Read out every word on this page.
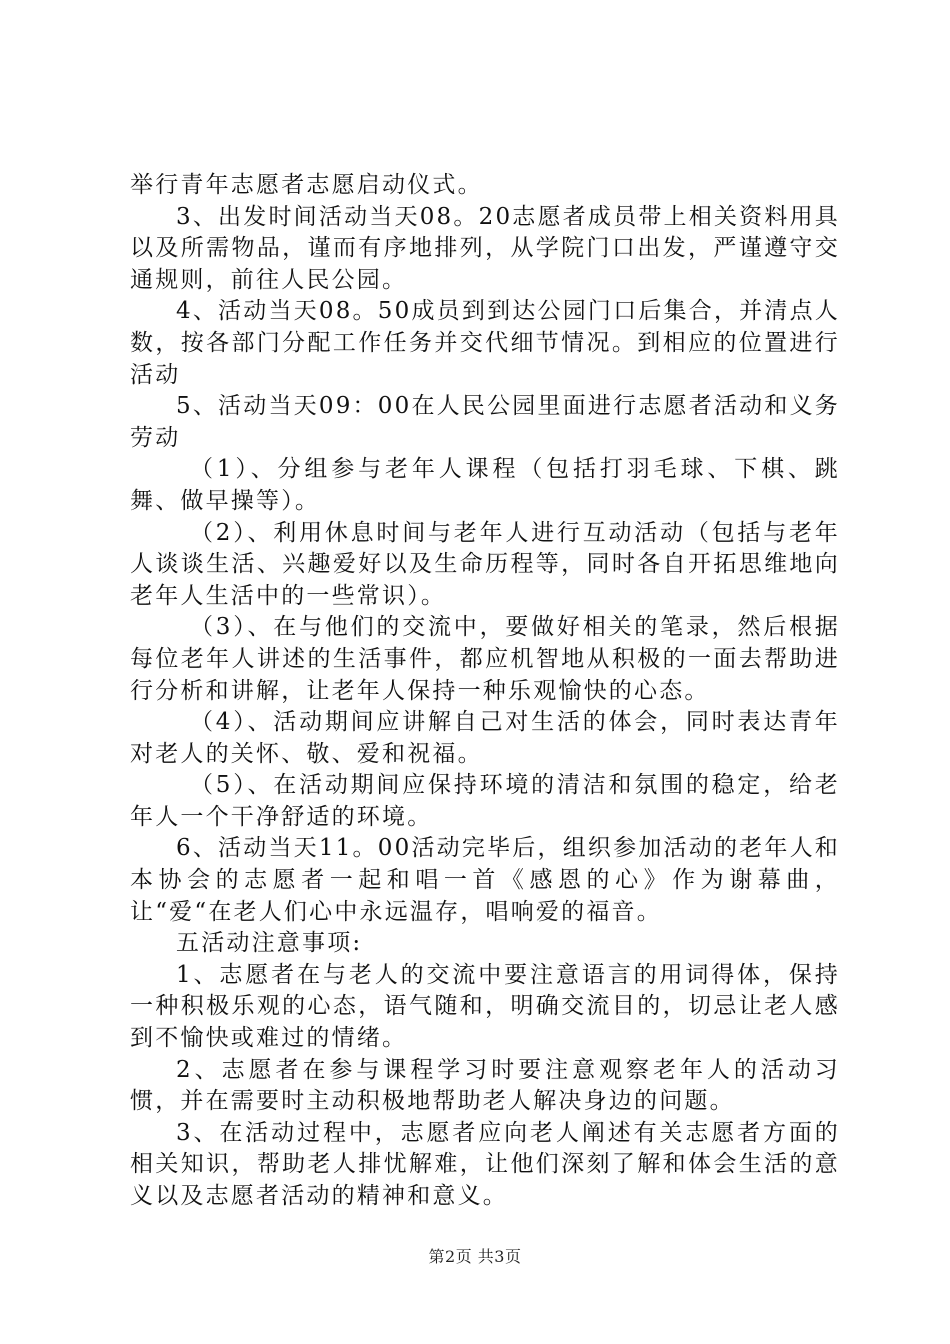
举行青年志愿者志愿启动仪式。

3、出发时间活动当天08。20志愿者成员带上相关资料用具以及所需物品，谨而有序地排列，从学院门口出发，严谨遵守交通规则，前往人民公园。

4、活动当天08。50成员到到达公园门口后集合，并清点人数，按各部门分配工作任务并交代细节情况。到相应的位置进行活动

5、活动当天09：00在人民公园里面进行志愿者活动和义务劳动

（1）、分组参与老年人课程（包括打羽毛球、下棋、跳舞、做早操等）。

（2）、利用休息时间与老年人进行互动活动（包括与老年人谈谈生活、兴趣爱好以及生命历程等，同时各自开拓思维地向老年人生活中的一些常识）。

（3）、在与他们的交流中，要做好相关的笔录，然后根据每位老年人讲述的生活事件，都应机智地从积极的一面去帮助进行分析和讲解，让老年人保持一种乐观愉快的心态。

（4）、活动期间应讲解自己对生活的体会，同时表达青年对老人的关怀、敬、爱和祝福。

（5）、在活动期间应保持环境的清洁和氛围的稳定，给老年人一个干净舒适的环境。

6、活动当天11。00活动完毕后，组织参加活动的老年人和本协会的志愿者一起和唱一首《感恩的心》作为谢幕曲，让“爱“在老人们心中永远温存，唱响爱的福音。

五活动注意事项:

1、志愿者在与老人的交流中要注意语言的用词得体，保持一种积极乐观的心态，语气随和，明确交流目的，切忌让老人感到不愉快或难过的情绪。

2、志愿者在参与课程学习时要注意观察老年人的活动习惯，并在需要时主动积极地帮助老人解决身边的问题。

3、在活动过程中，志愿者应向老人阐述有关志愿者方面的相关知识，帮助老人排忧解难，让他们深刻了解和体会生活的意义以及志愿者活动的精神和意义。

第2页 共3页
